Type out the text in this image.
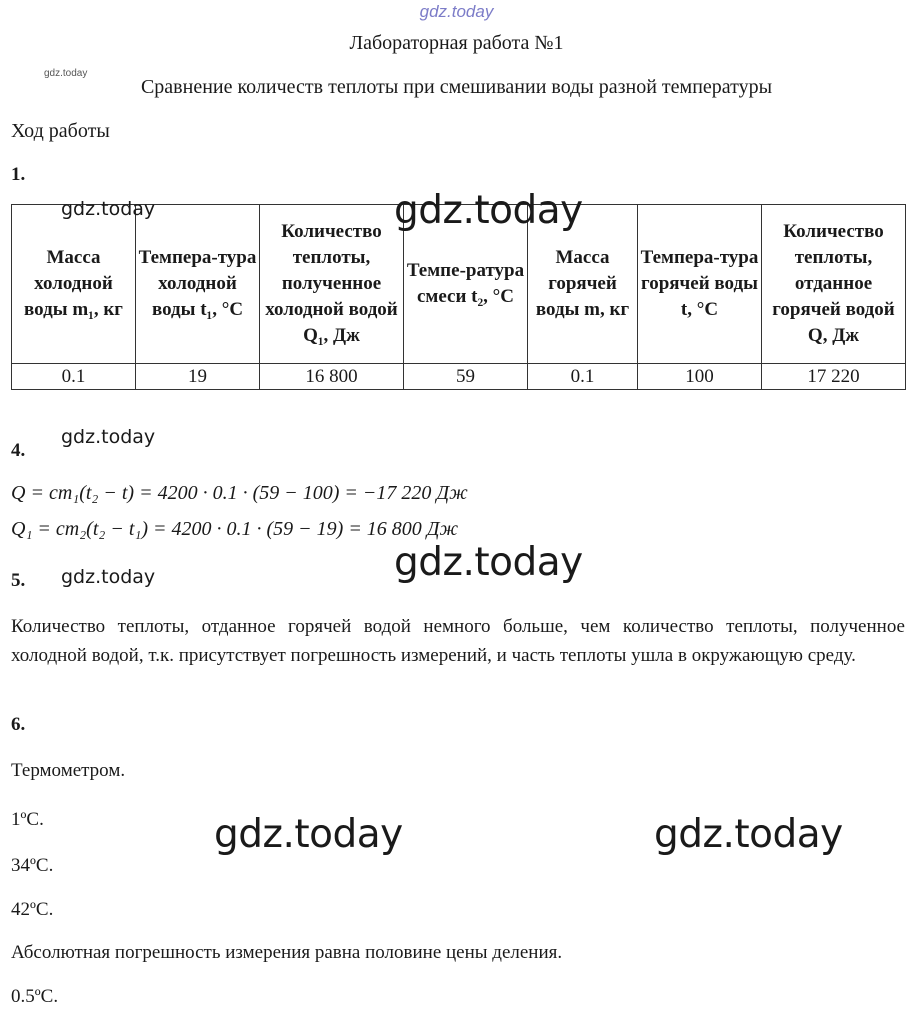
gdz.today
gdz.today
Лабораторная работа №1
Сравнение количеств теплоты при смешивании воды разной температуры
Ход работы
1.
Масса холодной воды m₁, кг	Темпера-тура холодной воды t₁, °С	Количество теплоты, полученное холодной водой Q₁, Дж	Темпе-ратура смеси t₂, °С	Масса горячей воды m, кг	Темпера-тура горячей воды t, °С	Количество теплоты, отданное горячей водой Q, Дж
0.1	19	16 800	59	0.1	100	17 220
gdz.today	gdz.today
4.
gdz.today
Q = cm₁(t₂ − t) = 4200 · 0.1 · (59 − 100) = −17 220 Дж
Q₁ = cm₂(t₂ − t₁) = 4200 · 0.1 · (59 − 19) = 16 800 Дж
gdz.today
5. gdz.today
Количество теплоты, отданное горячей водой немного больше, чем количество теплоты, полученное холодной водой, т.к. присутствует погрешность измерений, и часть теплоты ушла в окружающую среду.
6.
Термометром.
1ºС.	gdz.today	gdz.today
34ºС.
42ºС.
Абсолютная погрешность измерения равна половине цены деления.
0.5ºС.
